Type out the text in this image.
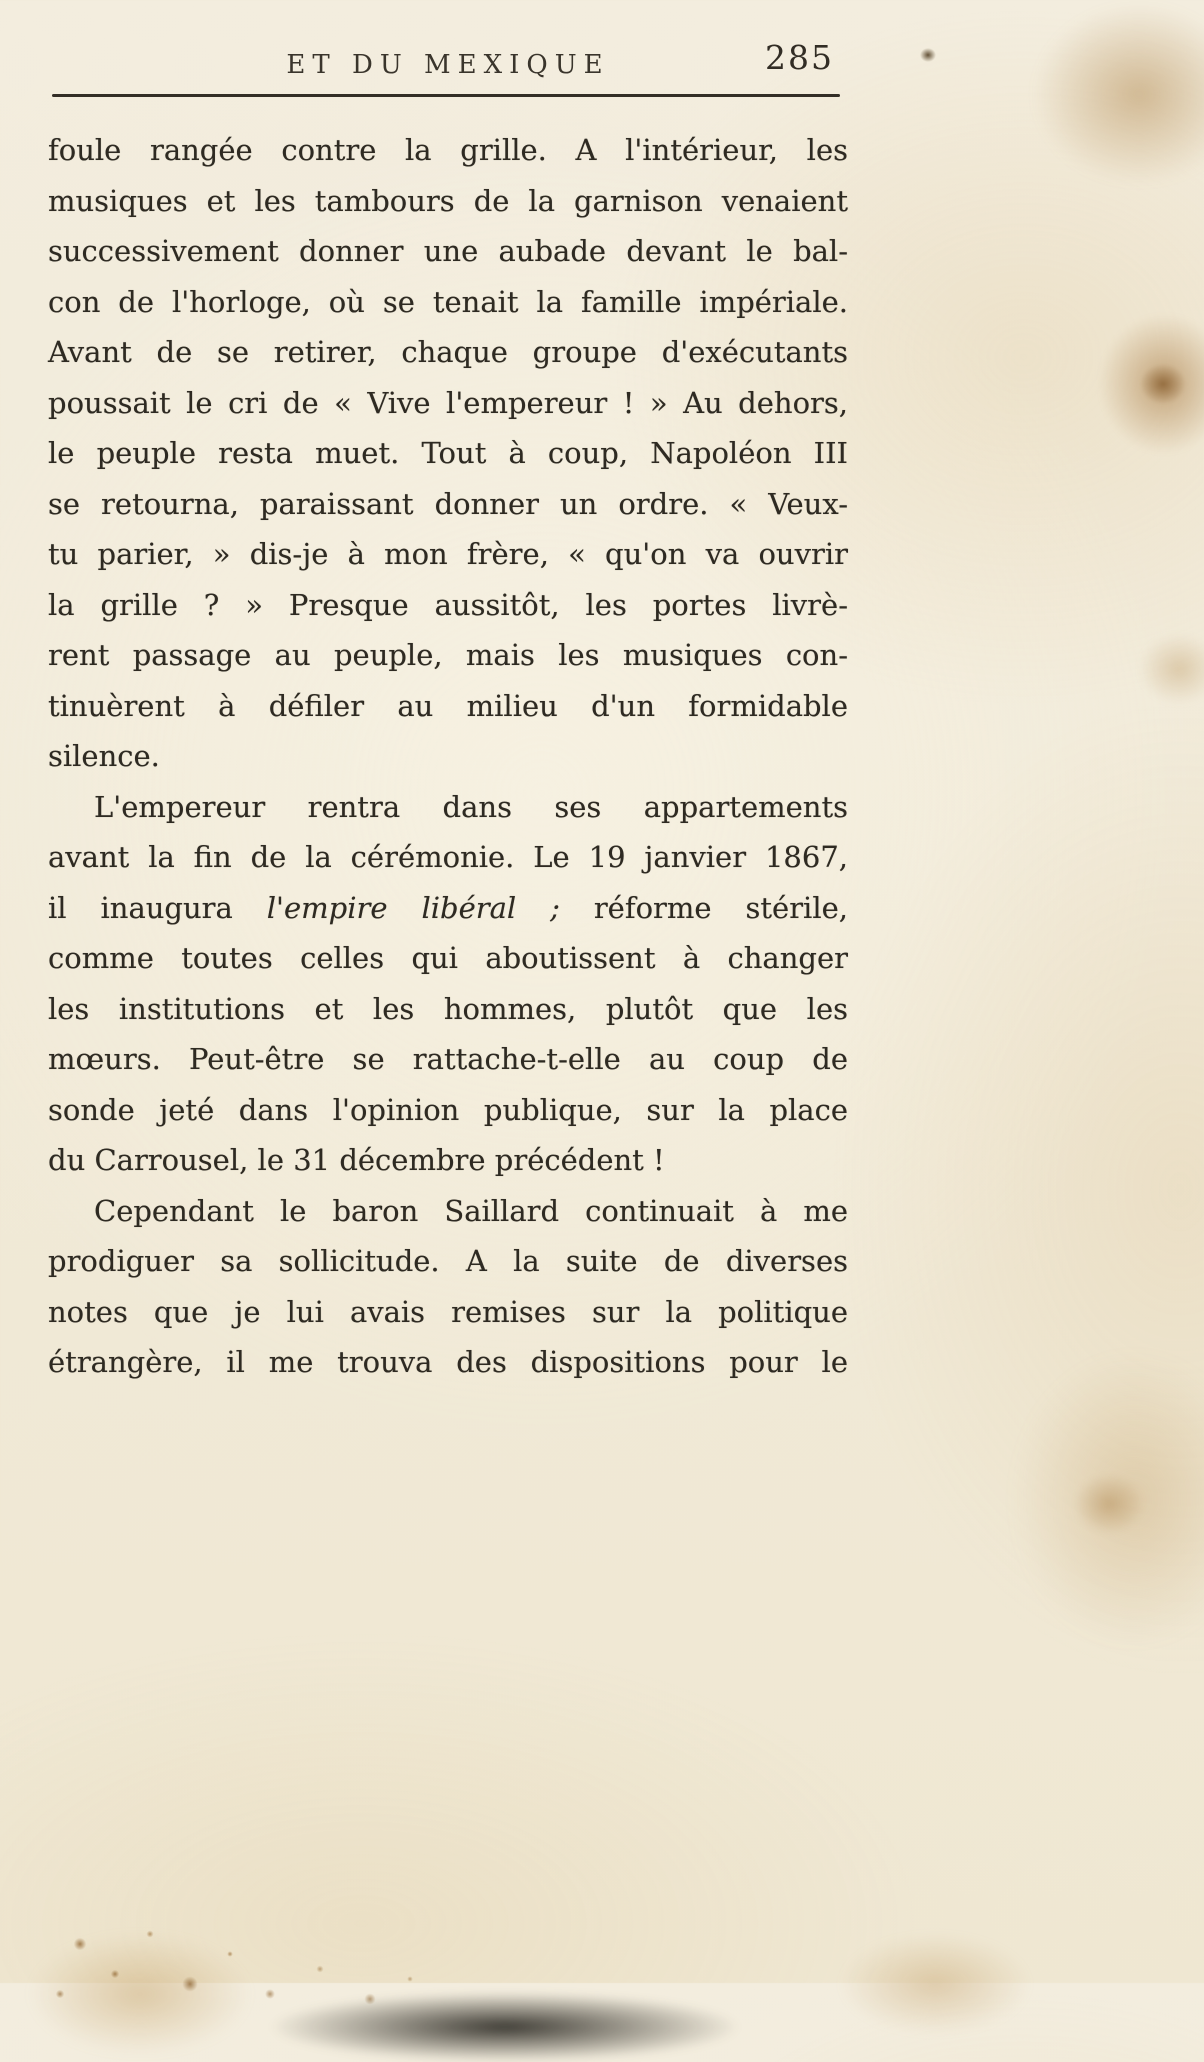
ET DU MEXIQUE	285
foule rangée contre la grille. A l'intérieur, les
musiques et les tambours de la garnison venaient
successivement donner une aubade devant le bal-
con de l'horloge, où se tenait la famille impériale.
Avant de se retirer, chaque groupe d'exécutants
poussait le cri de « Vive l'empereur ! » Au dehors,
le peuple resta muet. Tout à coup, Napoléon III
se retourna, paraissant donner un ordre. « Veux-
tu parier, » dis-je à mon frère, « qu'on va ouvrir
la grille ? » Presque aussitôt, les portes livrè-
rent passage au peuple, mais les musiques con-
tinuèrent à défiler au milieu d'un formidable
silence.
L'empereur rentra dans ses appartements
avant la fin de la cérémonie. Le 19 janvier 1867,
il inaugura l'empire libéral ; réforme stérile,
comme toutes celles qui aboutissent à changer
les institutions et les hommes, plutôt que les
mœurs. Peut-être se rattache-t-elle au coup de
sonde jeté dans l'opinion publique, sur la place
du Carrousel, le 31 décembre précédent !
Cependant le baron Saillard continuait à me
prodiguer sa sollicitude. A la suite de diverses
notes que je lui avais remises sur la politique
étrangère, il me trouva des dispositions pour le
